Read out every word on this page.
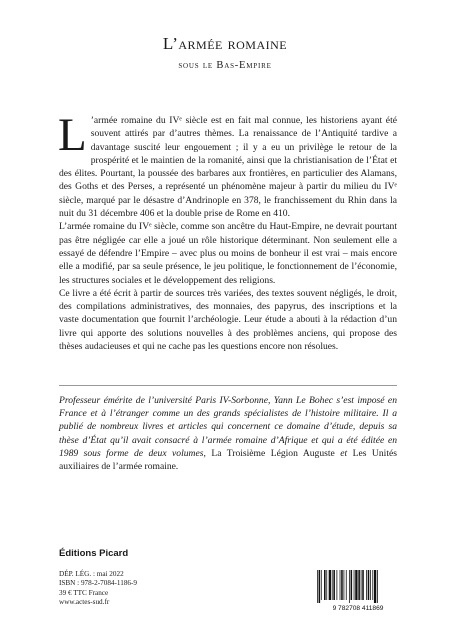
L’armée romaine
sous le Bas-Empire

L ’armée romaine du IVᵉ siècle est en fait mal connue, les historiens ayant été souvent attirés par d’autres thèmes. La renaissance de l’Antiquité tardive a davantage suscité leur engouement ; il y a eu un privilège le retour de la prospérité et le maintien de la romanité, ainsi que la christianisation de l’État et des élites. Pourtant, la poussée des barbares aux frontières, en particulier des Alamans, des Goths et des Perses, a représenté un phénomène majeur à partir du milieu du IVᵉ siècle, marqué par le désastre d’Andrinople en 378, le franchissement du Rhin dans la nuit du 31 décembre 406 et la double prise de Rome en 410.

L’armée romaine du IVᵉ siècle, comme son ancêtre du Haut-Empire, ne devrait pourtant pas être négligée car elle a joué un rôle historique déterminant. Non seulement elle a essayé de défendre l’Empire – avec plus ou moins de bonheur il est vrai – mais encore elle a modifié, par sa seule présence, le jeu politique, le fonctionnement de l’économie, les structures sociales et le développement des religions.

Ce livre a été écrit à partir de sources très variées, des textes souvent négligés, le droit, des compilations administratives, des monnaies, des papyrus, des inscriptions et la vaste documentation que fournit l’archéologie. Leur étude a abouti à la rédaction d’un livre qui apporte des solutions nouvelles à des problèmes anciens, qui propose des thèses audacieuses et qui ne cache pas les questions encore non résolues.

Professeur émérite de l’université Paris IV-Sorbonne, Yann Le Bohec s’est imposé en France et à l’étranger comme un des grands spécialistes de l’histoire militaire. Il a publié de nombreux livres et articles qui concernent ce domaine d’étude, depuis sa thèse d’État qu’il avait consacré à l’armée romaine d’Afrique et qui a été éditée en 1989 sous forme de deux volumes, La Troisième Légion Auguste et Les Unités auxiliaires de l’armée romaine.
Éditions Picard
DÉP. LÉG. : mai 2022
ISBN : 978-2-7084-1186-9
39 € TTC France
www.actes-sud.fr
9 782708 411869
